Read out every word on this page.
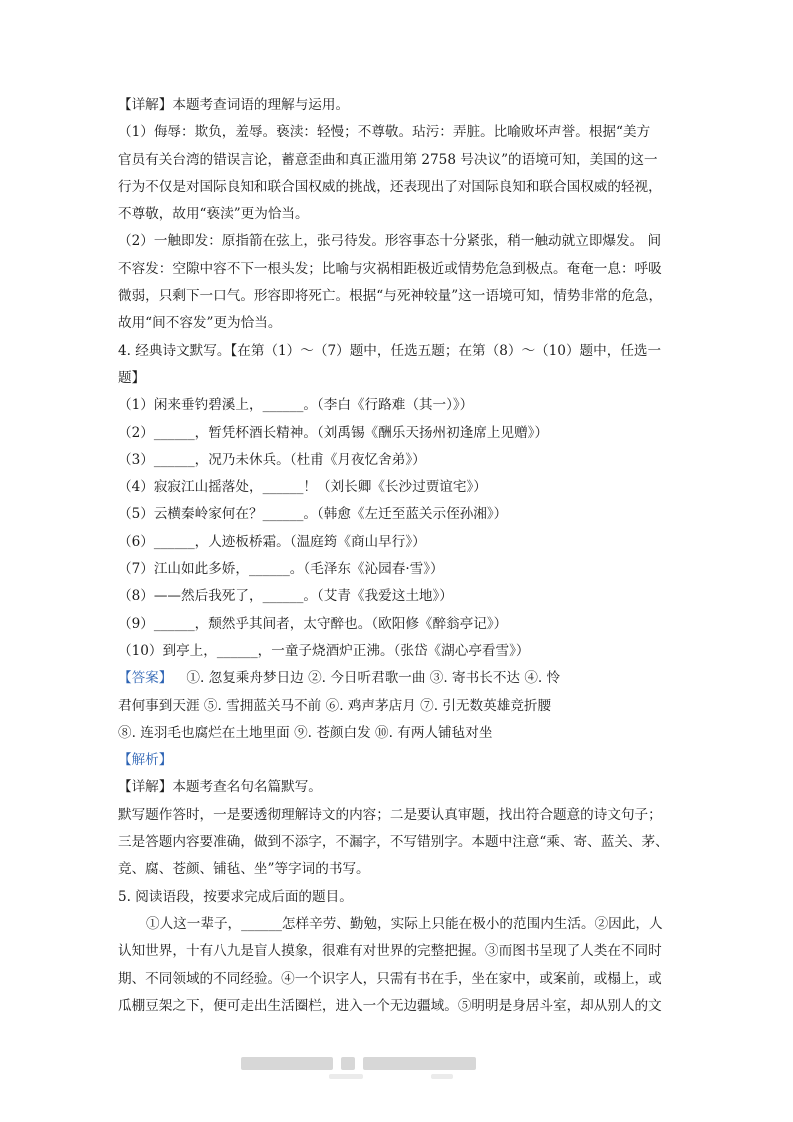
【详解】本题考查词语的理解与运用。
（1）侮辱：欺负，羞辱。亵渎：轻慢；不尊敬。玷污：弄脏。比喻败坏声誉。根据“美方
官员有关台湾的错误言论，蓄意歪曲和真正滥用第 2758 号决议”的语境可知，美国的这一
行为不仅是对国际良知和联合国权威的挑战，还表现出了对国际良知和联合国权威的轻视，
不尊敬，故用“亵渎”更为恰当。
（2）一触即发：原指箭在弦上，张弓待发。形容事态十分紧张，稍一触动就立即爆发。 间
不容发：空隙中容不下一根头发；比喻与灾祸相距极近或情势危急到极点。奄奄一息：呼吸
微弱，只剩下一口气。形容即将死亡。根据“与死神较量”这一语境可知，情势非常的危急，
故用“间不容发”更为恰当。
4. 经典诗文默写。【在第（1）～（7）题中，任选五题；在第（8）～（10）题中，任选一
题】
（1）闲来垂钓碧溪上，______。（李白《行路难（其一）》）
（2）______，暂凭杯酒长精神。（刘禹锡《酬乐天扬州初逢席上见赠》）
（3）______，况乃未休兵。（杜甫《月夜忆舍弟》）
（4）寂寂江山摇落处，______！（刘长卿《长沙过贾谊宅》）
（5）云横秦岭家何在？______。（韩愈《左迁至蓝关示侄孙湘》）
（6）______，人迹板桥霜。（温庭筠《商山早行》）
（7）江山如此多娇，______。（毛泽东《沁园春·雪》）
（8）——然后我死了，______。（艾青《我爱这土地》）
（9）______，颓然乎其间者，太守醉也。（欧阳修《醉翁亭记》）
（10）到亭上，______，一童子烧酒炉正沸。（张岱《湖心亭看雪》）
【答案】 ①. 忽复乘舟梦日边 ②. 今日听君歌一曲 ③. 寄书长不达 ④. 怜
君何事到天涯 ⑤. 雪拥蓝关马不前 ⑥. 鸡声茅店月 ⑦. 引无数英雄竞折腰
⑧. 连羽毛也腐烂在土地里面 ⑨. 苍颜白发 ⑩. 有两人铺毡对坐
【解析】
【详解】本题考查名句名篇默写。
默写题作答时，一是要透彻理解诗文的内容；二是要认真审题，找出符合题意的诗文句子；
三是答题内容要准确，做到不添字，不漏字，不写错别字。本题中注意“乘、寄、蓝关、茅、
竞、腐、苍颜、铺毡、坐”等字词的书写。
5. 阅读语段，按要求完成后面的题目。
①人这一辈子，______怎样辛劳、勤勉，实际上只能在极小的范围内生活。②因此，人
认知世界，十有八九是盲人摸象，很难有对世界的完整把握。③而图书呈现了人类在不同时
期、不同领域的不同经验。④一个识字人，只需有书在手，坐在家中，或案前，或榻上，或
瓜棚豆架之下，便可走出生活圈栏，进入一个无边疆域。⑤明明是身居斗室，却从别人的文
